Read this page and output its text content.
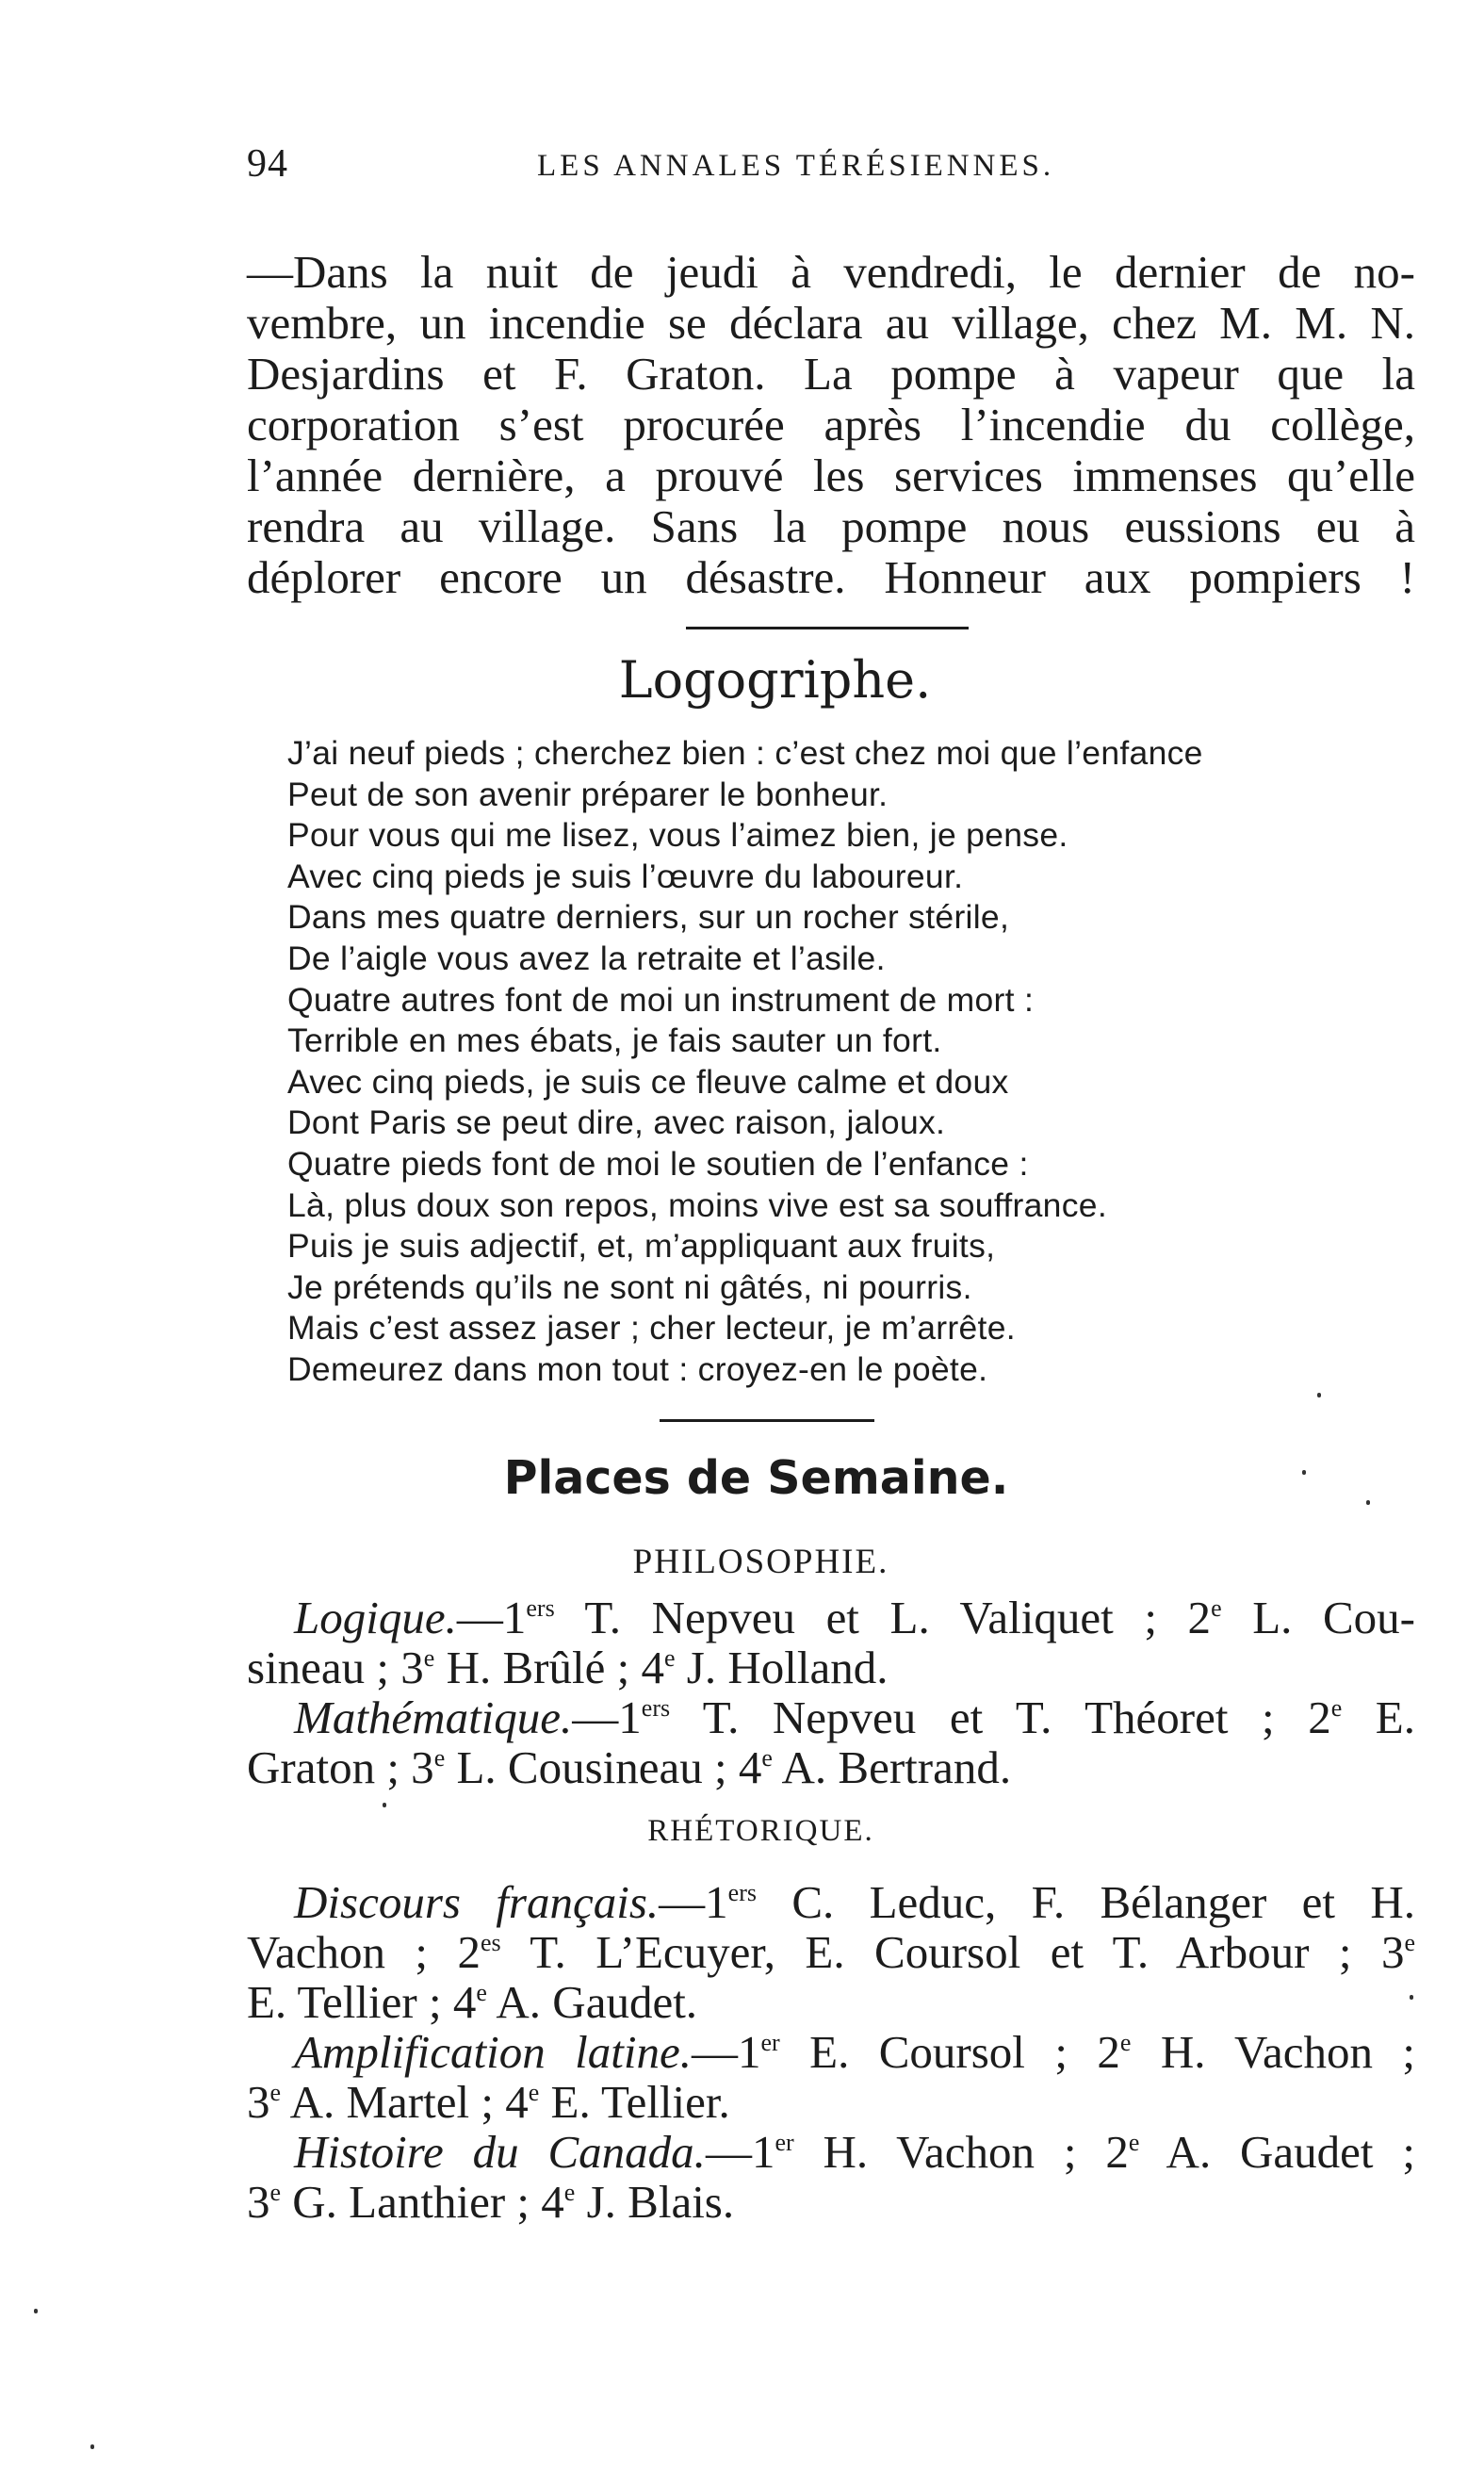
94	LES ANNALES TÉRÉSIENNES.
—Dans la nuit de jeudi à vendredi, le dernier de no-
vembre, un incendie se déclara au village, chez M. M. N.
Desjardins et F. Graton. La pompe à vapeur que la
corporation s’est procurée après l’incendie du collège,
l’année dernière, a prouvé les services immenses qu’elle
rendra au village. Sans la pompe nous eussions eu à
déplorer encore un désastre. Honneur aux pompiers !
Logogriphe.
J’ai neuf pieds ; cherchez bien : c’est chez moi que l’enfance
Peut de son avenir préparer le bonheur.
Pour vous qui me lisez, vous l’aimez bien, je pense.
Avec cinq pieds je suis l’œuvre du laboureur.
Dans mes quatre derniers, sur un rocher stérile,
De l’aigle vous avez la retraite et l’asile.
Quatre autres font de moi un instrument de mort :
Terrible en mes ébats, je fais sauter un fort.
Avec cinq pieds, je suis ce fleuve calme et doux
Dont Paris se peut dire, avec raison, jaloux.
Quatre pieds font de moi le soutien de l’enfance :
Là, plus doux son repos, moins vive est sa souffrance.
Puis je suis adjectif, et, m’appliquant aux fruits,
Je prétends qu’ils ne sont ni gâtés, ni pourris.
Mais c’est assez jaser ; cher lecteur, je m’arrête.
Demeurez dans mon tout : croyez-en le poète.
Places de Semaine.
PHILOSOPHIE.
Logique.—1ers T. Nepveu et L. Valiquet ; 2e L. Cou-
sineau ; 3e H. Brûlé ; 4e J. Holland.
Mathématique.—1ers T. Nepveu et T. Théoret ; 2e E.
Graton ; 3e L. Cousineau ; 4e A. Bertrand.
RHÉTORIQUE.
Discours français.—1ers C. Leduc, F. Bélanger et H.
Vachon ; $2^{es}$ T. L’Ecuyer, E. Coursol et T. Arbour ; 3e
E. Tellier ; 4e A. Gaudet.
Amplification latine.—1er E. Coursol ; 2e H. Vachon ;
3e A. Martel ; 4e E. Tellier.
Histoire du Canada.—1er H. Vachon ; 2e A. Gaudet ;
3e G. Lanthier ; 4e J. Blais.
